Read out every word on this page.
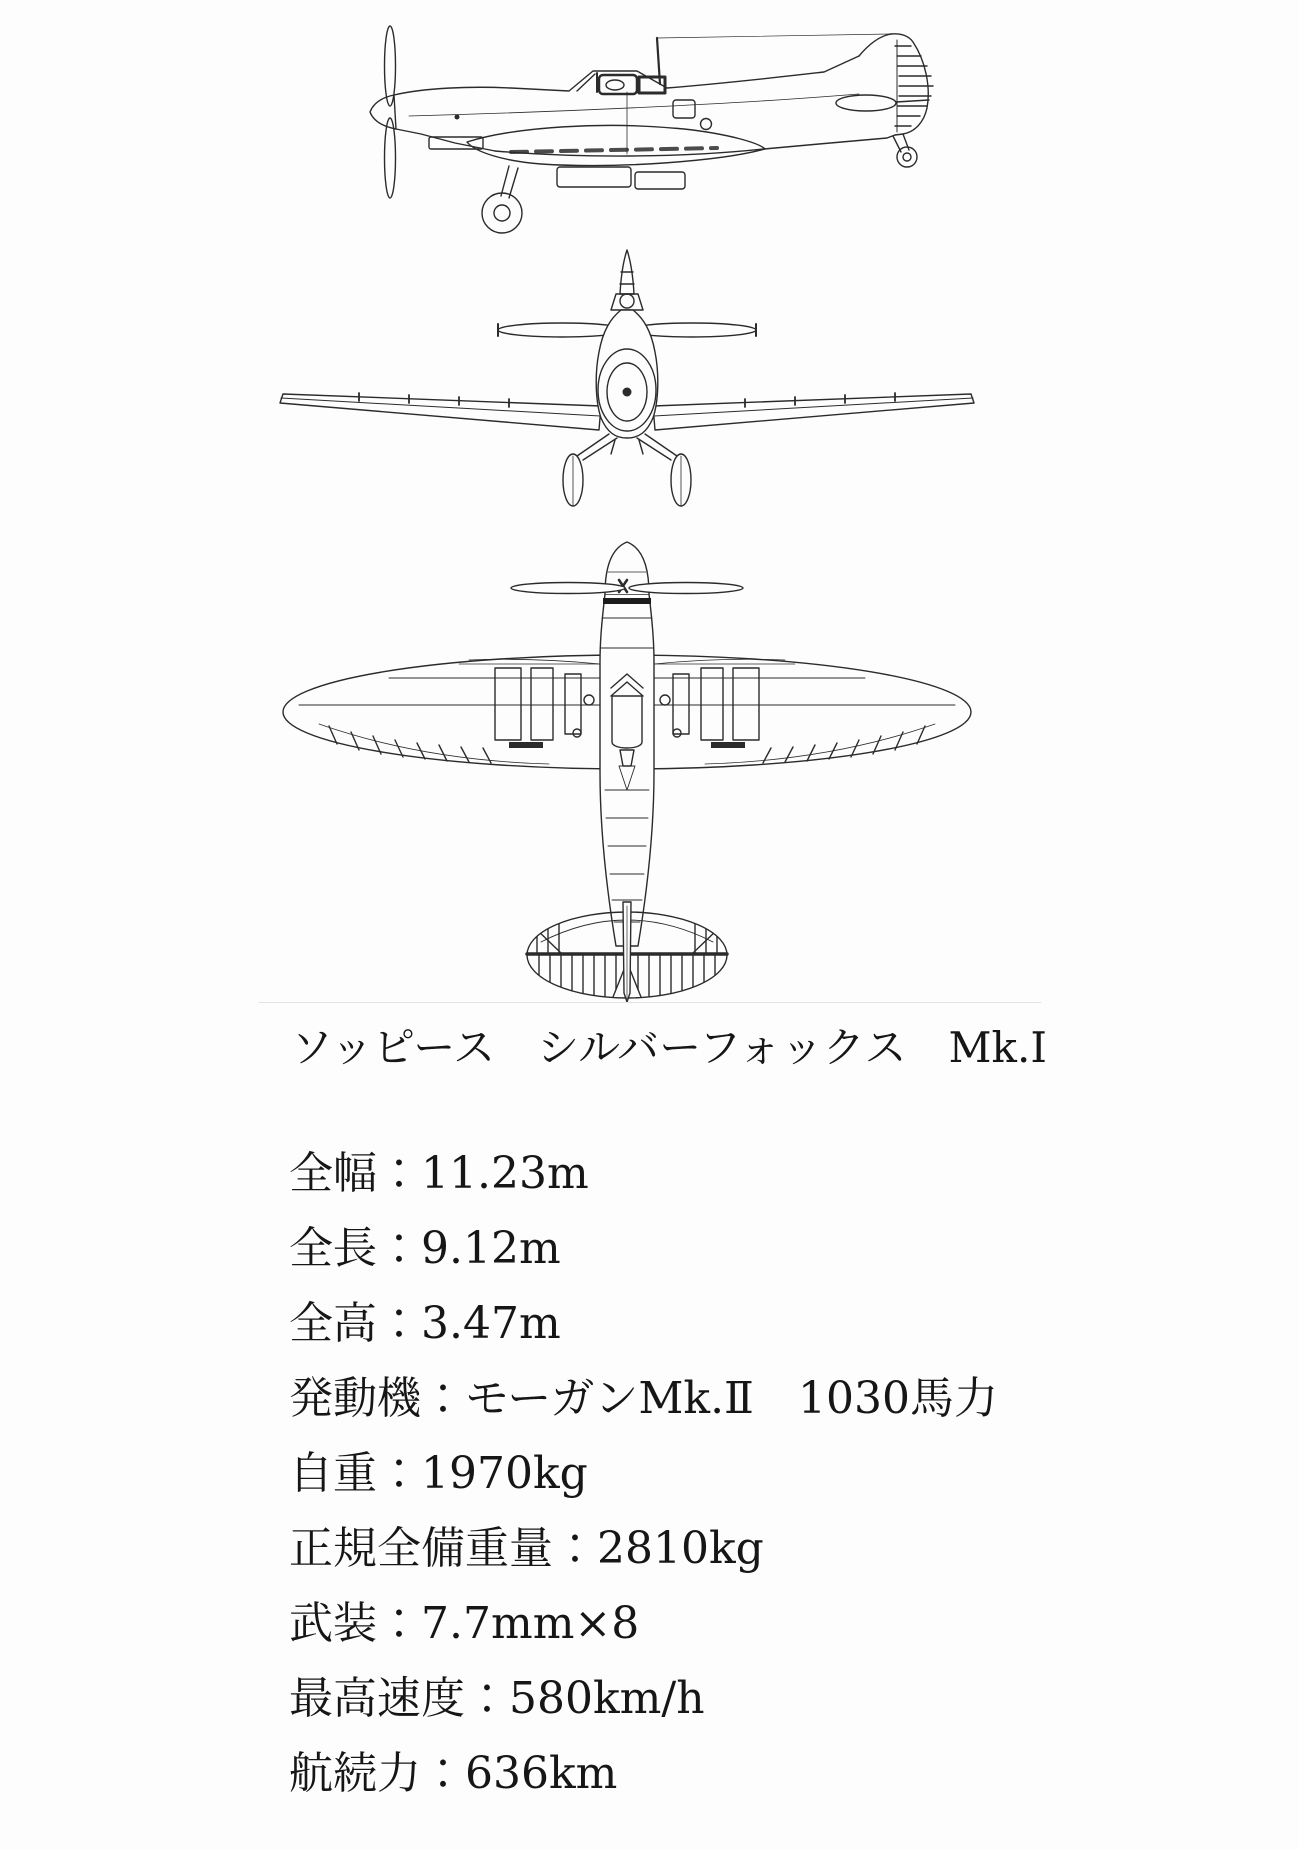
ソッピース　シルバーフォックス　Mk.Ⅰ
全幅：11.23m
全長：9.12m
全高：3.47m
発動機：モーガンMk.Ⅱ　1030馬力
自重：1970kg
正規全備重量：2810kg
武装：7.7mm×8
最高速度：580km/h
航続力：636km
